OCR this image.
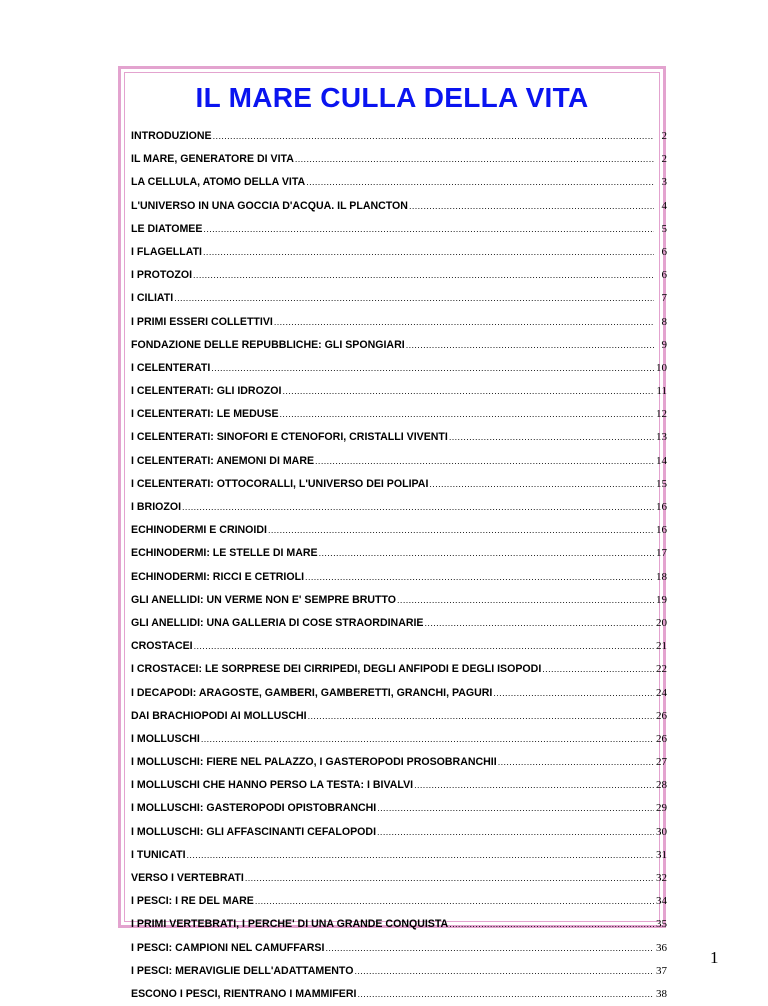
IL MARE CULLA DELLA VITA
INTRODUZIONE .....	2
IL MARE, GENERATORE DI VITA .....	2
LA CELLULA, ATOMO DELLA VITA .....	3
L'UNIVERSO IN UNA GOCCIA D'ACQUA. IL PLANCTON .....	4
LE DIATOMEE .....	5
I FLAGELLATI .....	6
I PROTOZOI .....	6
I CILIATI .....	7
I PRIMI ESSERI COLLETTIVI .....	8
FONDAZIONE DELLE REPUBBLICHE: GLI SPONGIARI .....	9
I CELENTERATI .....	10
I CELENTERATI: GLI IDROZOI .....	11
I CELENTERATI: LE MEDUSE .....	12
I CELENTERATI: SINOFORI E CTENOFORI, CRISTALLI VIVENTI .....	13
I CELENTERATI: ANEMONI DI MARE .....	14
I CELENTERATI: OTTOCORALLI, L'UNIVERSO DEI POLIPAI .....	15
I BRIOZOI .....	16
ECHINODERMI E CRINOIDI .....	16
ECHINODERMI: LE STELLE DI MARE .....	17
ECHINODERMI: RICCI E CETRIOLI .....	18
GLI ANELLIDI: UN VERME NON E' SEMPRE BRUTTO .....	19
GLI ANELLIDI: UNA GALLERIA DI COSE STRAORDINARIE .....	20
CROSTACEI .....	21
I CROSTACEI: LE SORPRESE DEI CIRRIPEDI, DEGLI ANFIPODI E DEGLI ISOPODI .....	22
I DECAPODI: ARAGOSTE, GAMBERI, GAMBERETTI, GRANCHI, PAGURI .....	24
DAI BRACHIOPODI AI MOLLUSCHI .....	26
I MOLLUSCHI .....	26
I MOLLUSCHI: FIERE NEL PALAZZO, I GASTEROPODI PROSOBRANCHII .....	27
I MOLLUSCHI CHE HANNO PERSO LA TESTA: I BIVALVI .....	28
I MOLLUSCHI: GASTEROPODI OPISTOBRANCHI .....	29
I MOLLUSCHI: GLI AFFASCINANTI CEFALOPODI .....	30
I TUNICATI .....	31
VERSO I VERTEBRATI .....	32
I PESCI: I RE DEL MARE .....	34
I PRIMI VERTEBRATI, I PERCHE' DI UNA GRANDE CONQUISTA .....	35
I PESCI: CAMPIONI NEL CAMUFFARSI .....	36
I PESCI: MERAVIGLIE DELL'ADATTAMENTO .....	37
ESCONO I PESCI, RIENTRANO I MAMMIFERI .....	38
1
